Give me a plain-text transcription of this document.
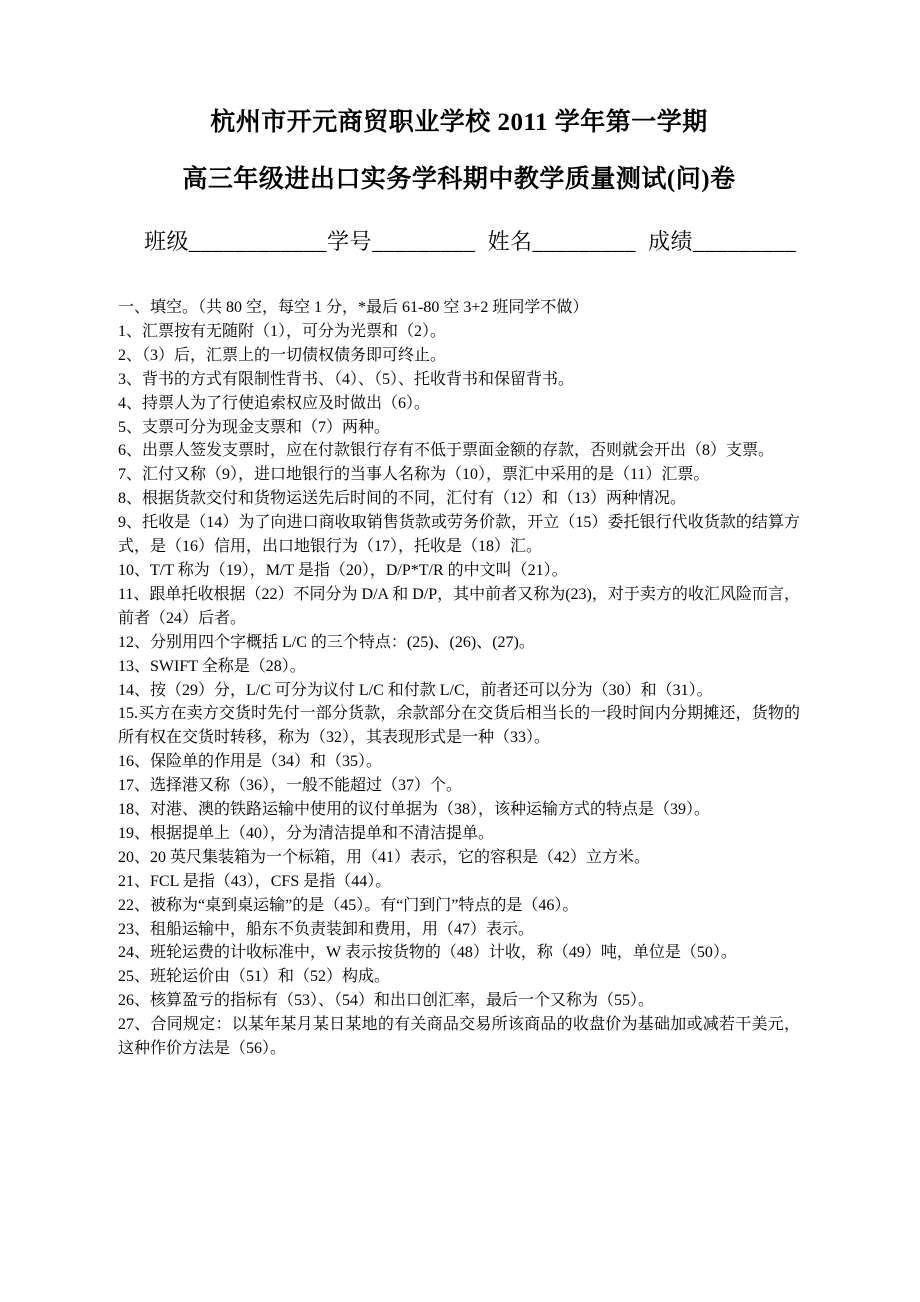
杭州市开元商贸职业学校 2011 学年第一学期
高三年级进出口实务学科期中教学质量测试(问)卷
班级____________学号_________  姓名_________  成绩_________

一、填空。（共 80 空，每空 1 分，*最后 61-80 空 3+2 班同学不做）

1、汇票按有无随附（1），可分为光票和（2）。

2、（3）后，汇票上的一切债权债务即可终止。

3、背书的方式有限制性背书、（4）、（5）、托收背书和保留背书。

4、持票人为了行使追索权应及时做出（6）。

5、支票可分为现金支票和（7）两种。

6、出票人签发支票时，应在付款银行存有不低于票面金额的存款，否则就会开出（8）支票。

7、汇付又称（9），进口地银行的当事人名称为（10），票汇中采用的是（11）汇票。

8、根据货款交付和货物运送先后时间的不同，汇付有（12）和（13）两种情况。

9、托收是（14）为了向进口商收取销售货款或劳务价款，开立（15）委托银行代收货款的结算方式，是（16）信用，出口地银行为（17），托收是（18）汇。

10、T/T 称为（19），M/T 是指（20），D/P*T/R 的中文叫（21）。

11、跟单托收根据（22）不同分为 D/A 和 D/P，其中前者又称为(23)，对于卖方的收汇风险而言，前者（24）后者。

12、分别用四个字概括 L/C 的三个特点：(25)、(26)、(27)。

13、SWIFT 全称是（28）。

14、按（29）分，L/C 可分为议付 L/C 和付款 L/C，前者还可以分为（30）和（31）。

15.买方在卖方交货时先付一部分货款，余款部分在交货后相当长的一段时间内分期摊还，货物的所有权在交货时转移，称为（32），其表现形式是一种（33）。

16、保险单的作用是（34）和（35）。

17、选择港又称（36），一般不能超过（37）个。

18、对港、澳的铁路运输中使用的议付单据为（38），该种运输方式的特点是（39）。

19、根据提单上（40），分为清洁提单和不清洁提单。

20、20 英尺集装箱为一个标箱，用（41）表示，它的容积是（42）立方米。

21、FCL 是指（43），CFS 是指（44）。

22、被称为“桌到桌运输”的是（45）。有“门到门”特点的是（46）。

23、租船运输中，船东不负责装卸和费用，用（47）表示。

24、班轮运费的计收标准中，W 表示按货物的（48）计收，称（49）吨，单位是（50）。

25、班轮运价由（51）和（52）构成。

26、核算盈亏的指标有（53）、（54）和出口创汇率，最后一个又称为（55）。

27、合同规定：以某年某月某日某地的有关商品交易所该商品的收盘价为基础加或减若干美元，这种作价方法是（56）。
